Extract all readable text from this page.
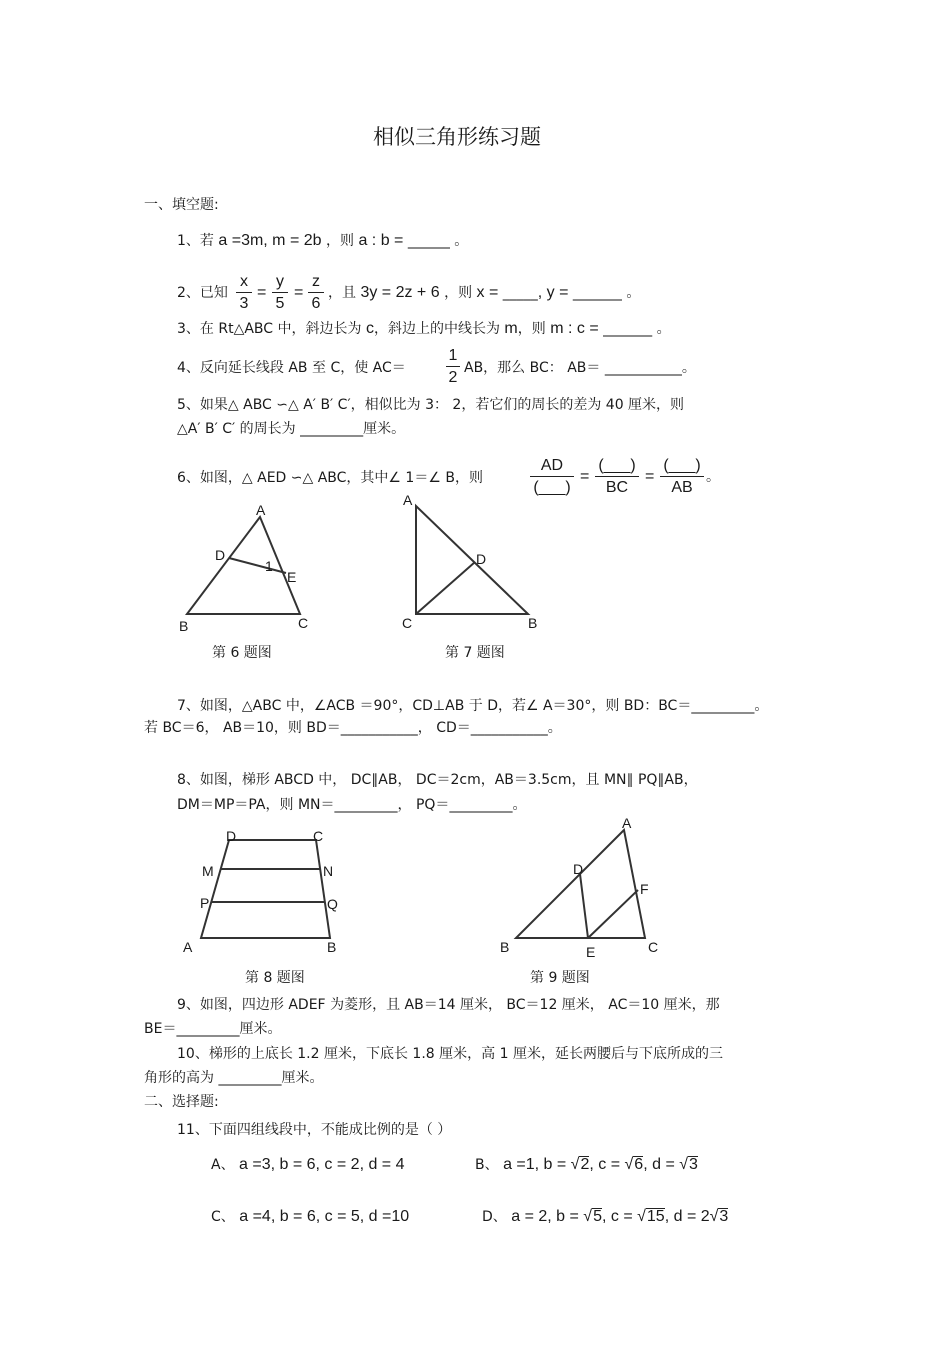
相似三角形练习题
一、填空题:
1、若 a =3m, m = 2b ，则 a : b = ______ 。
2、已知
x
3
=
y
5
=
z
6
，且 3y = 2z + 6 ，则 x = _____, y = _______ 。
3、在 Rt△ABC 中，斜边长为 c，斜边上的中线长为 m，则 m : c = _______ 。
4、反向延长线段 AB 至 C，使 AC＝
1
2
AB，那么 BC： AB＝ ___________。
5、如果△ ABC ∽△ A′ B′ C′，相似比为 3： 2，若它们的周长的差为 40 厘米，则
△A′ B′ C′ 的周长为 _________厘米。
6、如图，△ AED ∽△ ABC，其中∠ 1＝∠ B，则
AD
(___)
=
(___)
BC
=
(___)
AB
。
A
B	C
D
E
1
A
B
C
D
A	B
C
D
M	N
P	Q
A
B	C
D
E
F
第 6 题图	第 7 题图
7、如图，△ABC 中，∠ACB ＝90°，CD⊥AB 于 D，若∠ A＝30°，则 BD：BC＝_________。
若 BC＝6， AB＝10，则 BD＝___________， CD＝___________。
8、如图，梯形 ABCD 中， DC∥AB， DC＝2cm，AB＝3.5cm，且 MN∥ PQ∥AB，
DM＝MP＝PA，则 MN＝_________， PQ＝_________。
第 8 题图	第 9 题图
9、如图，四边形 ADEF 为菱形，且 AB＝14 厘米， BC＝12 厘米， AC＝10 厘米，那
BE＝_________厘米。
10、梯形的上底长 1.2 厘米，下底长 1.8 厘米，高 1 厘米，延长两腰后与下底所成的三
角形的高为 _________厘米。
二、选择题:
11、下面四组线段中，不能成比例的是（ ）
A、 a =3, b = 6, c = 2, d = 4	B、 a =1, b = √2, c = √6, d = √3
C、 a =4, b = 6, c = 5, d =10	D、 a = 2, b = √5, c = √15, d = 2√3
